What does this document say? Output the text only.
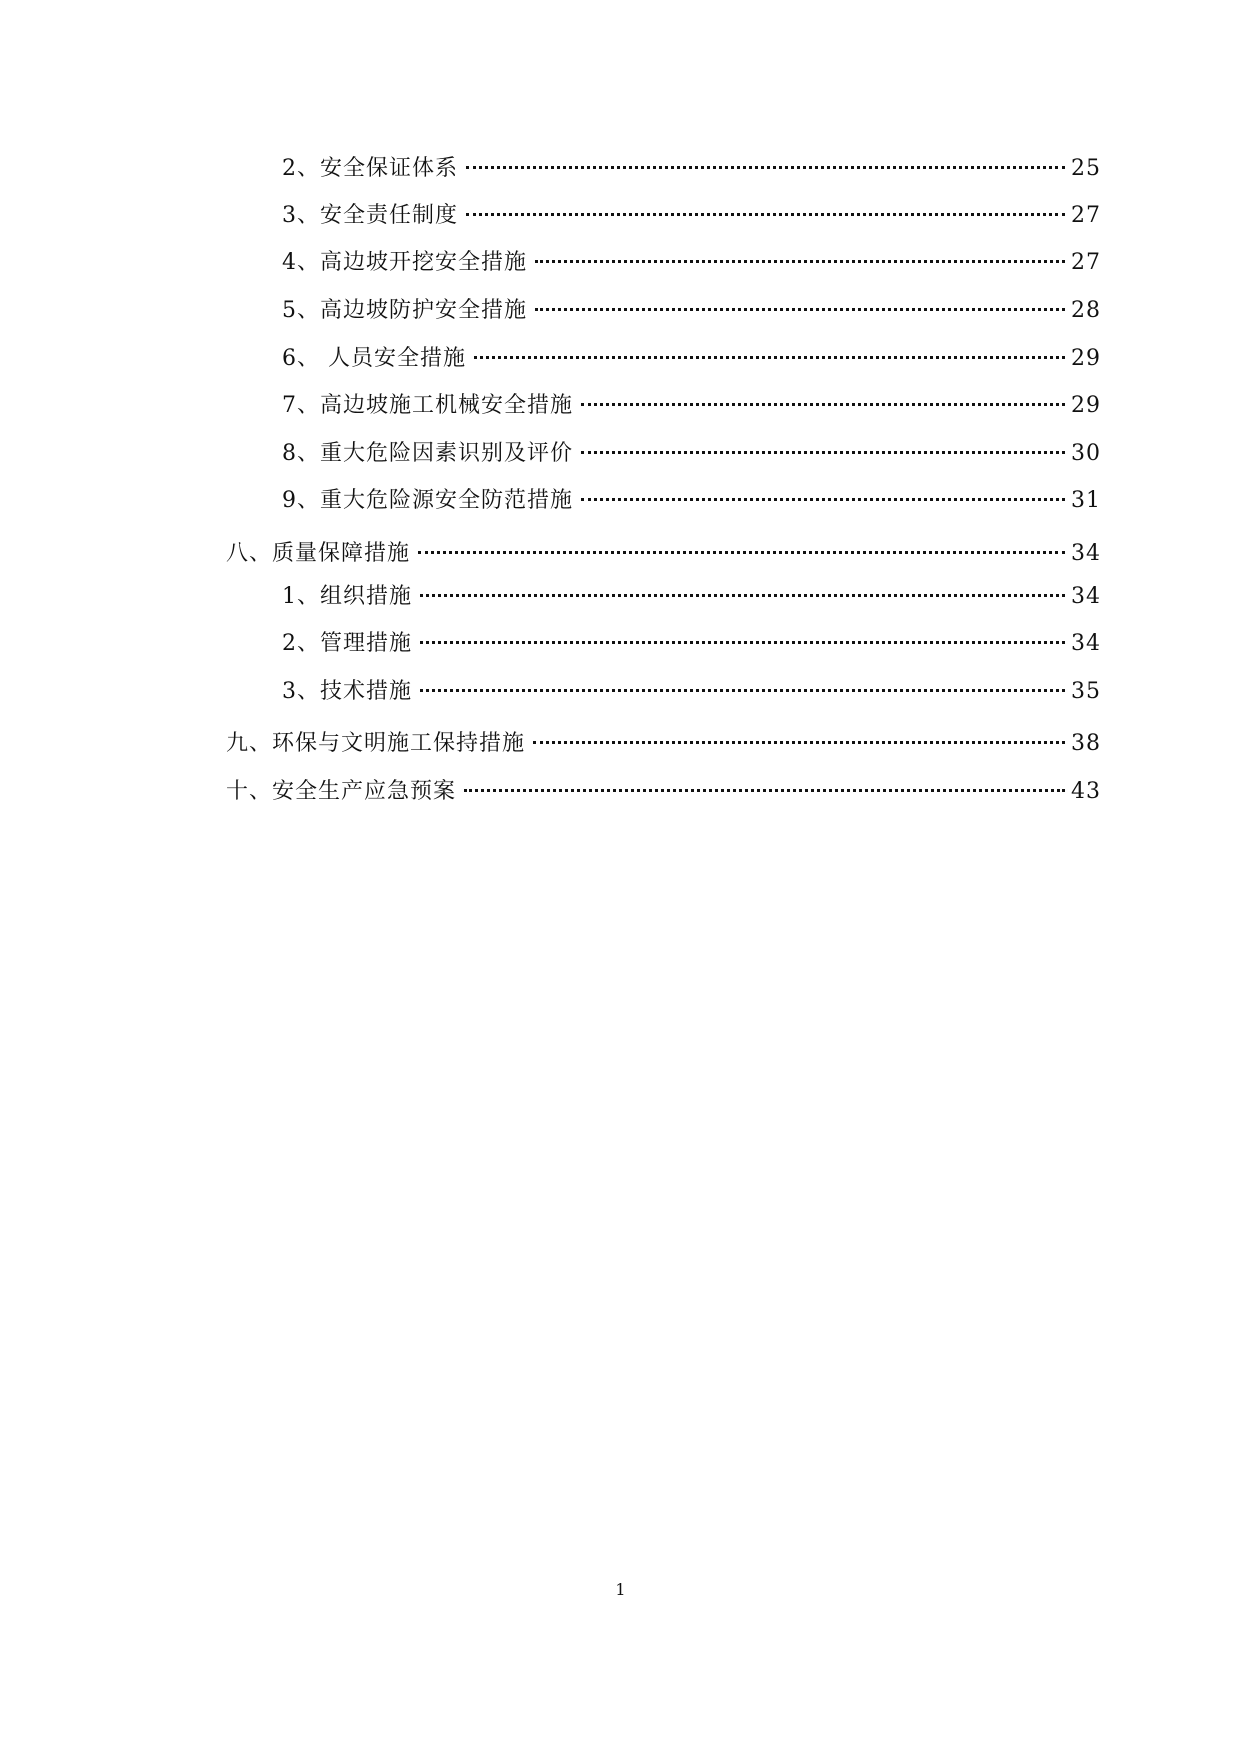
2、安全保证体系	25
3、安全责任制度	27
4、高边坡开挖安全措施	27
5、高边坡防护安全措施	28
6、 人员安全措施	29
7、高边坡施工机械安全措施	29
8、重大危险因素识别及评价	30
9、重大危险源安全防范措施	31
八、质量保障措施	34
1、组织措施	34
2、管理措施	34
3、技术措施	35
九、环保与文明施工保持措施	38
十、安全生产应急预案	43
1
